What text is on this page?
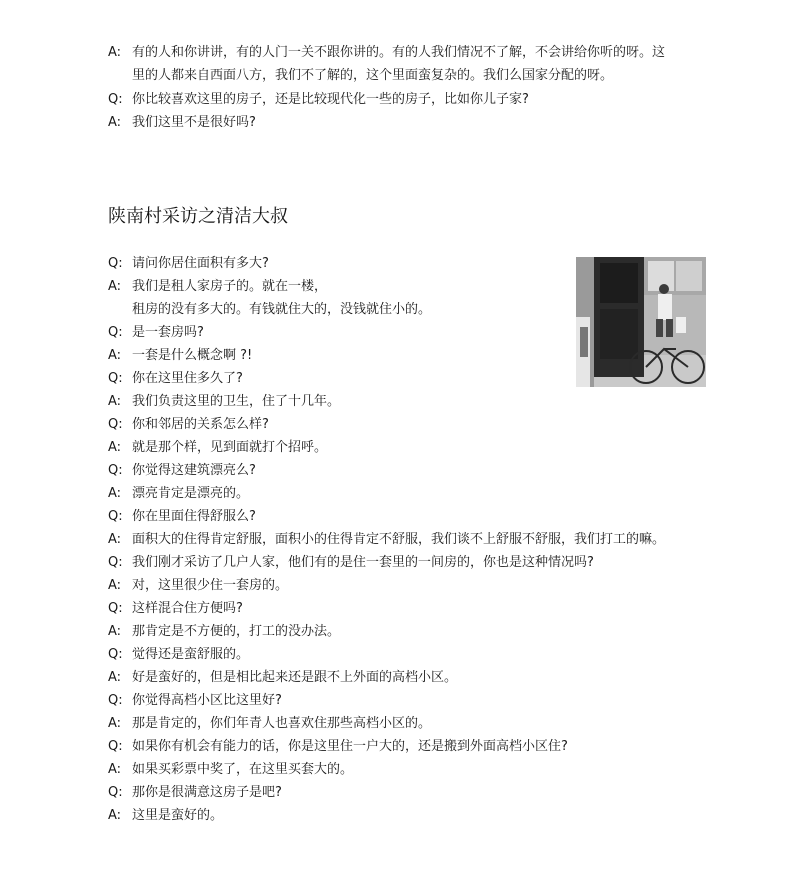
A: 有的人和你讲讲，有的人门一关不跟你讲的。有的人我们情况不了解，不会讲给你听的呀。这
里的人都来自西面八方，我们不了解的，这个里面蛮复杂的。我们么国家分配的呀。
Q: 你比较喜欢这里的房子，还是比较现代化一些的房子，比如你儿子家?
A: 我们这里不是很好吗?
陕南村采访之清洁大叔
Q: 请问你居住面积有多大?
A: 我们是租人家房子的。就在一楼，
租房的没有多大的。有钱就住大的，没钱就住小的。
Q: 是一套房吗?
A: 一套是什么概念啊 ?!
Q: 你在这里住多久了?
A: 我们负责这里的卫生，住了十几年。
Q: 你和邻居的关系怎么样?
A: 就是那个样，见到面就打个招呼。
Q: 你觉得这建筑漂亮么?
A: 漂亮肯定是漂亮的。
Q: 你在里面住得舒服么?
A: 面积大的住得肯定舒服，面积小的住得肯定不舒服，我们谈不上舒服不舒服，我们打工的嘛。
Q: 我们刚才采访了几户人家，他们有的是住一套里的一间房的，你也是这种情况吗?
A: 对，这里很少住一套房的。
Q: 这样混合住方便吗?
A: 那肯定是不方便的，打工的没办法。
Q: 觉得还是蛮舒服的。
A: 好是蛮好的，但是相比起来还是跟不上外面的高档小区。
Q: 你觉得高档小区比这里好?
A: 那是肯定的，你们年青人也喜欢住那些高档小区的。
Q: 如果你有机会有能力的话，你是这里住一户大的，还是搬到外面高档小区住?
A: 如果买彩票中奖了，在这里买套大的。
Q: 那你是很满意这房子是吧?
A: 这里是蛮好的。
